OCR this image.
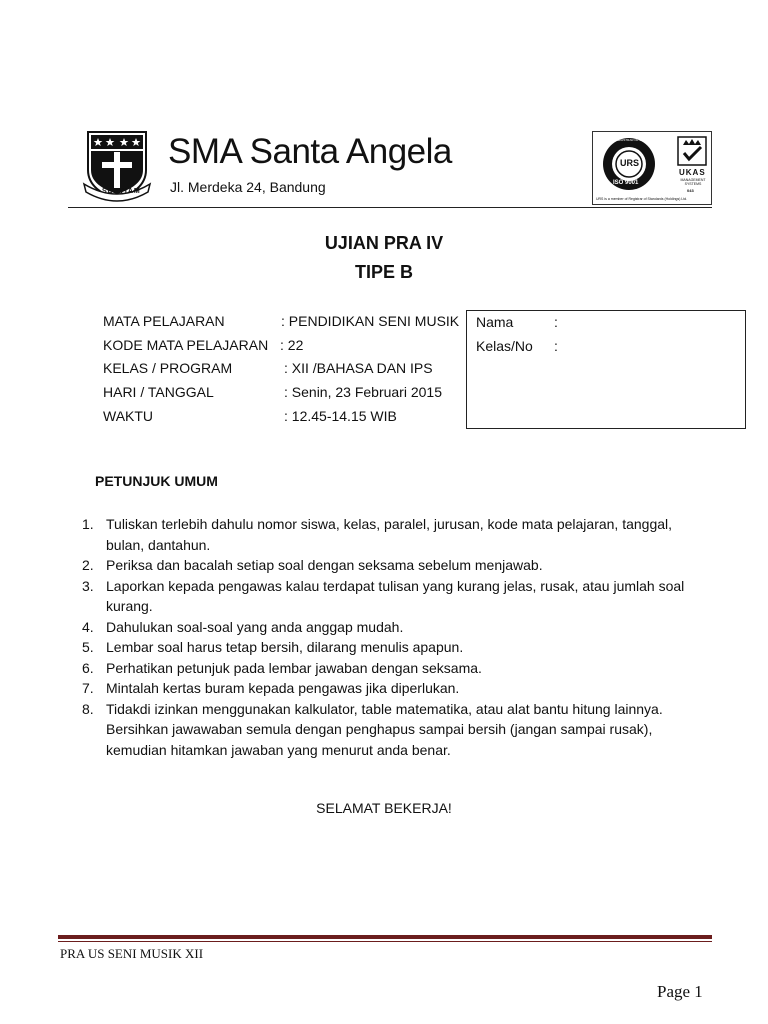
SERVIAM
SMA Santa Angela
Jl. Merdeka 24, Bandung
URS
ISO 9001
UNITED REGISTRAR OF SYSTEMS
UKAS
MANAGEMENT SYSTEMS
043
URS is a member of Registrar of Standards (Holdings) Ltd.
UJIAN PRA IV
TIPE B
MATA PELAJARAN	: PENDIDIKAN SENI MUSIK
KODE MATA PELAJARAN : 22
KELAS / PROGRAM	: XII /BAHASA DAN IPS
HARI / TANGGAL	: Senin, 23 Februari 2015
WAKTU	: 12.45-14.15 WIB
Nama	:
Kelas/No :
PETUNJUK UMUM
1. Tuliskan terlebih dahulu nomor siswa, kelas, paralel, jurusan, kode mata pelajaran, tanggal, bulan, dantahun.
2. Periksa dan bacalah setiap soal dengan seksama sebelum menjawab.
3. Laporkan kepada pengawas kalau terdapat tulisan yang kurang jelas, rusak, atau jumlah soal kurang.
4. Dahulukan soal-soal yang anda anggap mudah.
5. Lembar soal harus tetap bersih, dilarang menulis apapun.
6. Perhatikan petunjuk pada lembar jawaban dengan seksama.
7. Mintalah kertas buram kepada pengawas jika diperlukan.
8. Tidakdi izinkan menggunakan kalkulator, table matematika, atau alat bantu hitung lainnya. Bersihkan jawawaban semula dengan penghapus sampai bersih (jangan sampai rusak), kemudian hitamkan jawaban yang menurut anda benar.
SELAMAT BEKERJA!
PRA US SENI MUSIK XII
Page 1
